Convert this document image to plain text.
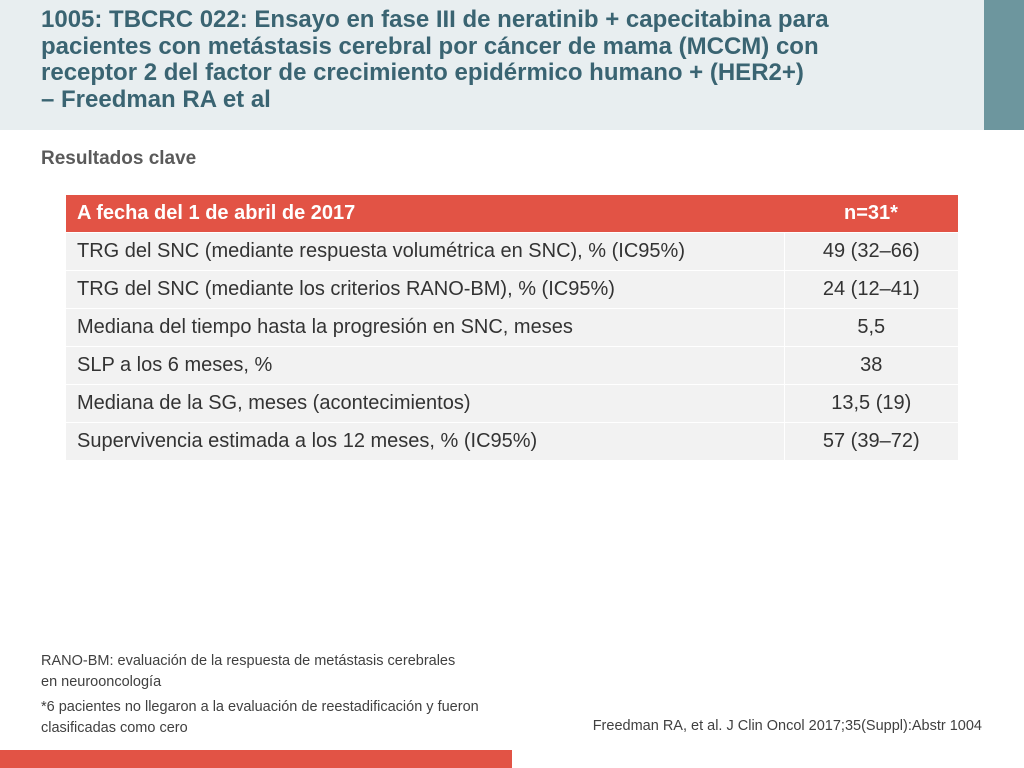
1005: TBCRC 022: Ensayo en fase III de neratinib + capecitabina para
pacientes con metástasis cerebral por cáncer de mama (MCCM) con
receptor 2 del factor de crecimiento epidérmico humano + (HER2+)
– Freedman RA et al
Resultados clave
A fecha del 1 de abril de 2017	n=31*
TRG del SNC (mediante respuesta volumétrica en SNC), % (IC95%)	49 (32–66)
TRG del SNC (mediante los criterios RANO-BM), % (IC95%)	24 (12–41)
Mediana del tiempo hasta la progresión en SNC, meses	5,5
SLP a los 6 meses, %	38
Mediana de la SG, meses (acontecimientos)	13,5 (19)
Supervivencia estimada a los 12 meses, % (IC95%)	57 (39–72)

RANO-BM: evaluación de la respuesta de metástasis cerebrales en neurooncología

*6 pacientes no llegaron a la evaluación de reestadificación y fueron clasificadas como cero	Freedman RA, et al. J Clin Oncol 2017;35(Suppl):Abstr 1004
